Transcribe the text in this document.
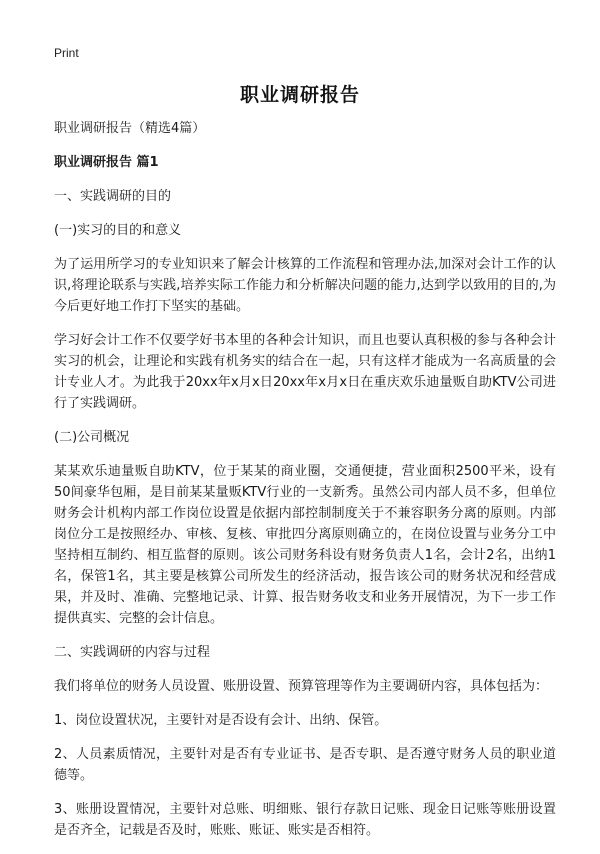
Print
职业调研报告

职业调研报告（精选4篇）

职业调研报告 篇1

一、实践调研的目的

(一)实习的目的和意义

为了运用所学习的专业知识来了解会计核算的工作流程和管理办法,加深对会计工作的认识,将理论联系与实践,培养实际工作能力和分析解决问题的能力,达到学以致用的目的,为今后更好地工作打下坚实的基础。

学习好会计工作不仅要学好书本里的各种会计知识，而且也要认真积极的参与各种会计实习的机会，让理论和实践有机务实的结合在一起，只有这样才能成为一名高质量的会计专业人才。为此我于20xx年x月x日20xx年x月x日在重庆欢乐迪量贩自助KTV公司进行了实践调研。

(二)公司概况

某某欢乐迪量贩自助KTV，位于某某的商业圈，交通便捷，营业面积2500平米，设有50间豪华包厢，是目前某某量贩KTV行业的一支新秀。虽然公司内部人员不多，但单位财务会计机构内部工作岗位设置是依据内部控制制度关于不兼容职务分离的原则。内部岗位分工是按照经办、审核、复核、审批四分离原则确立的，在岗位设置与业务分工中坚持相互制约、相互监督的原则。该公司财务科设有财务负责人1名，会计2名，出纳1名，保管1名，其主要是核算公司所发生的经济活动，报告该公司的财务状况和经营成果，并及时、准确、完整地记录、计算、报告财务收支和业务开展情况，为下一步工作提供真实、完整的会计信息。

二、实践调研的内容与过程

我们将单位的财务人员设置、账册设置、预算管理等作为主要调研内容，具体包括为：

1、岗位设置状况，主要针对是否设有会计、出纳、保管。

2、人员素质情况，主要针对是否有专业证书、是否专职、是否遵守财务人员的职业道德等。

3、账册设置情况，主要针对总账、明细账、银行存款日记账、现金日记账等账册设置是否齐全，记载是否及时，账账、账证、账实是否相符。
